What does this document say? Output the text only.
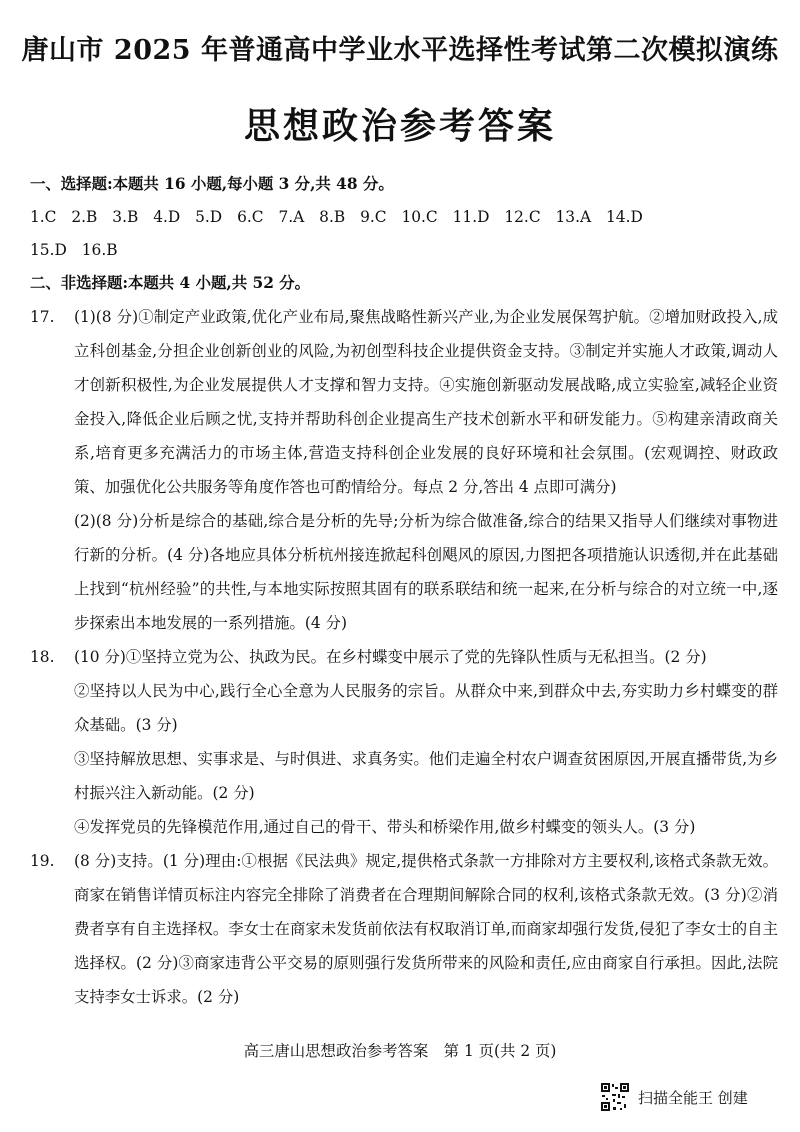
唐山市 2025 年普通高中学业水平选择性考试第二次模拟演练
思想政治参考答案
一、选择题:本题共 16 小题,每小题 3 分,共 48 分。
1.C 2.B 3.B 4.D 5.D 6.C 7.A 8.B 9.C 10.C 11.D 12.C 13.A 14.D
15.D 16.B
二、非选择题:本题共 4 小题,共 52 分。
17. (1)(8 分)①制定产业政策,优化产业布局,聚焦战略性新兴产业,为企业发展保驾护航。②增加财政投入,成立科创基金,分担企业创新创业的风险,为初创型科技企业提供资金支持。③制定并实施人才政策,调动人才创新积极性,为企业发展提供人才支撑和智力支持。④实施创新驱动发展战略,成立实验室,减轻企业资金投入,降低企业后顾之忧,支持并帮助科创企业提高生产技术创新水平和研发能力。⑤构建亲清政商关系,培育更多充满活力的市场主体,营造支持科创企业发展的良好环境和社会氛围。(宏观调控、财政政策、加强优化公共服务等角度作答也可酌情给分。每点 2 分,答出 4 点即可满分)

(2)(8 分)分析是综合的基础,综合是分析的先导;分析为综合做准备,综合的结果又指导人们继续对事物进行新的分析。(4 分)各地应具体分析杭州接连掀起科创飓风的原因,力图把各项措施认识透彻,并在此基础上找到“杭州经验”的共性,与本地实际按照其固有的联系联结和统一起来,在分析与综合的对立统一中,逐步探索出本地发展的一系列措施。(4 分)

18. (10 分)①坚持立党为公、执政为民。在乡村蝶变中展示了党的先锋队性质与无私担当。(2 分)

②坚持以人民为中心,践行全心全意为人民服务的宗旨。从群众中来,到群众中去,夯实助力乡村蝶变的群众基础。(3 分)

③坚持解放思想、实事求是、与时俱进、求真务实。他们走遍全村农户调查贫困原因,开展直播带货,为乡村振兴注入新动能。(2 分)

④发挥党员的先锋模范作用,通过自己的骨干、带头和桥梁作用,做乡村蝶变的领头人。(3 分)

19. (8 分)支持。(1 分)理由:①根据《民法典》规定,提供格式条款一方排除对方主要权利,该格式条款无效。商家在销售详情页标注内容完全排除了消费者在合理期间解除合同的权利,该格式条款无效。(3 分)②消费者享有自主选择权。李女士在商家未发货前依法有权取消订单,而商家却强行发货,侵犯了李女士的自主选择权。(2 分)③商家违背公平交易的原则强行发货所带来的风险和责任,应由商家自行承担。因此,法院支持李女士诉求。(2 分)

高三唐山思想政治参考答案　第 1 页(共 2 页)
扫描全能王 创建
